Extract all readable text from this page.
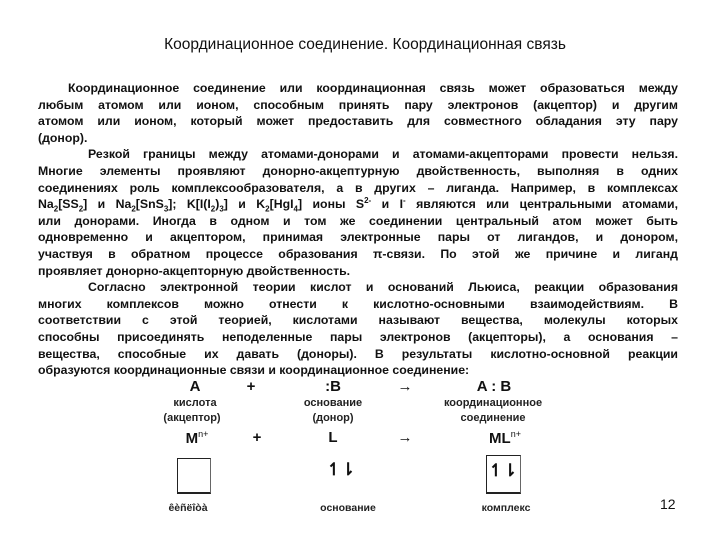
Координационное соединение. Координационная связь
Координационное соединение или координационная связь может образоваться между
любым атомом или ионом, способным принять пару электронов (акцептор) и другим
атомом или ионом, который может предоставить для совместного обладания эту пару
(донор).
Резкой границы между атомами-донорами и атомами-акцепторами провести нельзя.
Многие элементы проявляют донорно-акцептурную двойственность, выполняя в одних
соединениях роль комплексообразователя, а в других – лиганда. Например, в комплексах
$Na_2[SS_2]$ и $Na_2[SnS_3]$; $K[I(I_2)_3]$ и $K_2[HgI_4]$ ионы $S^{2-}$ и I- являются или центральными атомами,
или донорами. Иногда в одном и том же соединении центральный атом может быть
одновременно и акцептором, принимая электронные пары от лигандов, и донором,
участвуя в обратном процессе образования π-связи. По этой же причине и лиганд
проявляет донорно-акцепторную двойственность.
Согласно электронной теории кислот и оснований Льюиса, реакции образования
многих комплексов можно отнести к кислотно-основными взаимодействиям. В
соответствии с этой теорией, кислотами называют вещества, молекулы которых
способны присоединять неподеленные пары электронов (акцепторы), а основания –
вещества, способные их давать (доноры). В результаты кислотно-основной реакции
образуются координационные связи и координационное соединение:
A	+	:B	→	A : B
кислота
(акцептор)
основание
(донор)
координационное
соединение
$M^{n+}$	+	L	→	$ML^{n+}$
↿⇂	↿⇂
êèñëîòà	основание	комплекс	12
